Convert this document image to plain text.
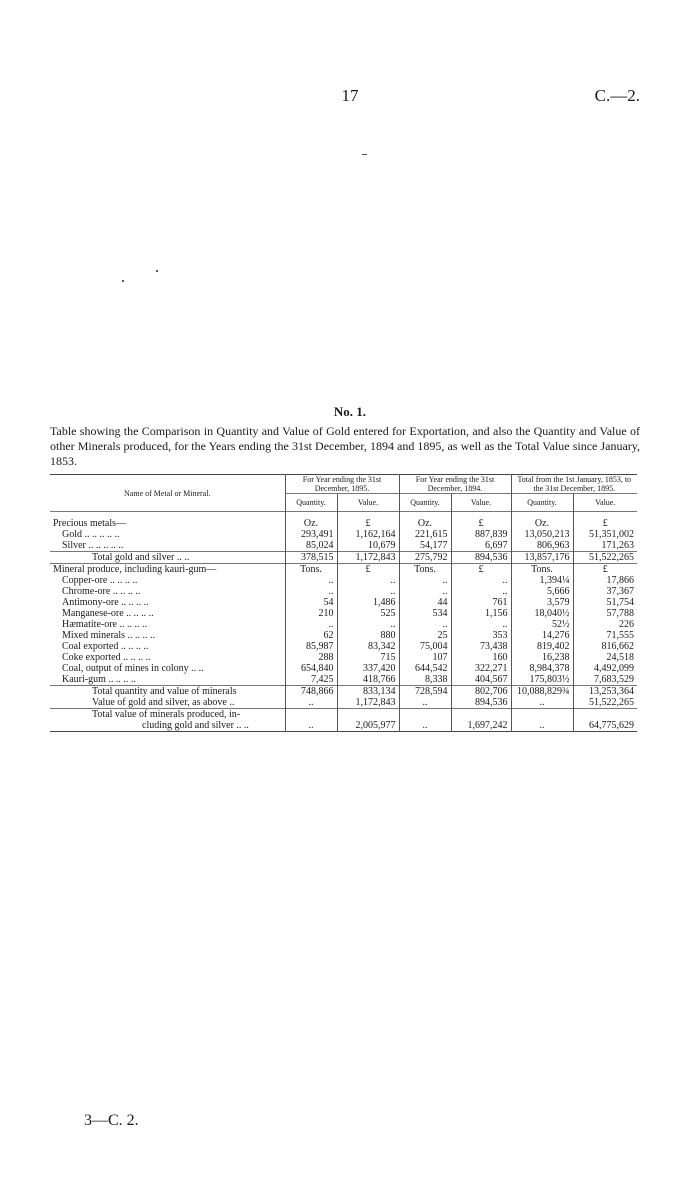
17	C.—2.
No. 1.
Table showing the Comparison in Quantity and Value of Gold entered for Exportation, and also the Quantity and Value of other Minerals produced, for the Years ending the 31st December, 1894 and 1895, as well as the Total Value since January, 1853.
Name of Metal or Mineral.	For Year ending the 31st December, 1895.		For Year ending the 31st December, 1894.		Total from the 1st January, 1853, to the 31st December, 1895.	
	Quantity.	Value.	Quantity.	Value.	Quantity.	Value.

Precious metals—	Oz.	£	Oz.	£	Oz.	£
Gold .. .. .. .. ..	293,491	1,162,164	221,615	887,839	13,050,213	51,351,002
Silver .. .. .. .. ..	85,024	10,679	54,177	6,697	806,963	171,263
Total gold and silver .. ..	378,515	1,172,843	275,792	894,536	13,857,176	51,522,265
Mineral produce, including kauri-gum—	Tons.	£	Tons.	£	Tons.	£
Copper-ore .. .. .. ..	..	..	..	..	1,394¼	17,866
Chrome-ore .. .. .. ..	..	..	..	..	5,666	37,367
Antimony-ore .. .. .. ..	54	1,486	44	761	3,579	51,754
Manganese-ore .. .. .. ..	210	525	534	1,156	18,040½	57,788
Hæmatite-ore .. .. .. ..	..	..	..	..	52½	226
Mixed minerals .. .. .. ..	62	880	25	353	14,276	71,555
Coal exported .. .. .. ..	85,987	83,342	75,004	73,438	819,402	816,662
Coke exported .. .. .. ..	288	715	107	160	16,238	24,518
Coal, output of mines in colony .. ..	654,840	337,420	644,542	322,271	8,984,378	4,492,099
Kauri-gum .. .. .. ..	7,425	418,766	8,338	404,567	175,803½	7,683,529
Total quantity and value of minerals	748,866	833,134	728,594	802,706	10,088,829¾	13,253,364
Value of gold and silver, as above ..	..	1,172,843	..	894,536	..	51,522,265

Total value of minerals produced, in-
cluding gold and silver .. ..	..	2,005,977	..	1,697,242	..	64,775,629
3—C. 2.
